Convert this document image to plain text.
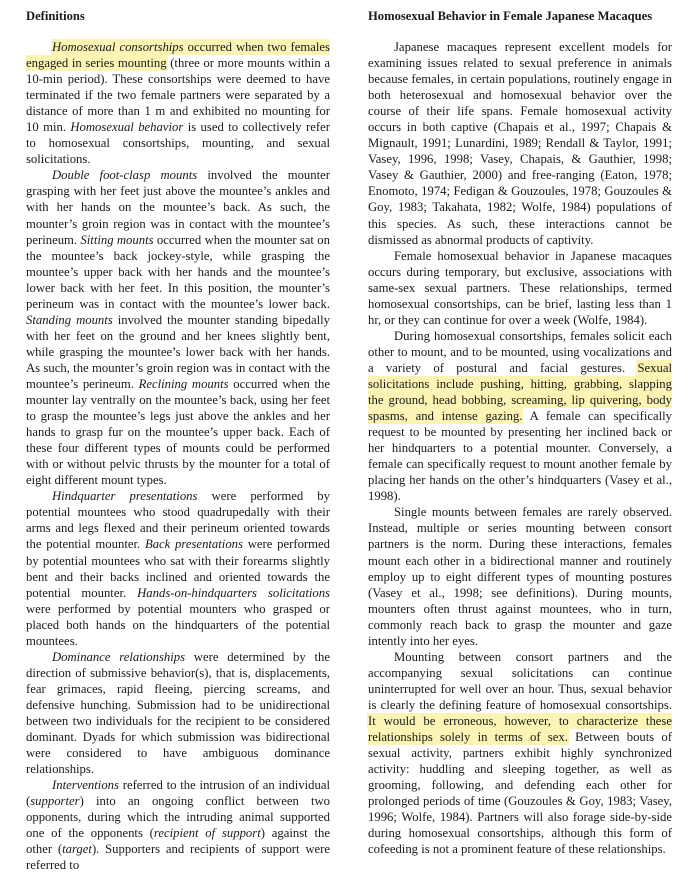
Definitions

Homosexual consortships occurred when two females engaged in series mounting (three or more mounts within a 10-min period). These consortships were deemed to have terminated if the two female partners were separated by a distance of more than 1 m and exhibited no mounting for 10 min. Homosexual behavior is used to collectively refer to homosexual consortships, mounting, and sexual solicitations.

Double foot-clasp mounts involved the mounter grasping with her feet just above the mountee’s ankles and with her hands on the mountee’s back. As such, the mounter’s groin region was in contact with the mountee’s perineum. Sitting mounts occurred when the mounter sat on the mountee’s back jockey-style, while grasping the mountee’s upper back with her hands and the mountee’s lower back with her feet. In this position, the mounter’s perineum was in contact with the mountee’s lower back. Standing mounts involved the mounter standing bipedally with her feet on the ground and her knees slightly bent, while grasping the mountee’s lower back with her hands. As such, the mounter’s groin region was in contact with the mountee’s perineum. Reclining mounts occurred when the mounter lay ventrally on the mountee’s back, using her feet to grasp the mountee’s legs just above the ankles and her hands to grasp fur on the mountee’s upper back. Each of these four different types of mounts could be performed with or without pelvic thrusts by the mounter for a total of eight different mount types.

Hindquarter presentations were performed by potential mountees who stood quadrupedally with their arms and legs flexed and their perineum oriented towards the potential mounter. Back presentations were performed by potential mountees who sat with their forearms slightly bent and their backs inclined and oriented towards the potential mounter. Hands-on-hindquarters solicitations were performed by potential mounters who grasped or placed both hands on the hindquarters of the potential mountees.

Dominance relationships were determined by the direction of submissive behavior(s), that is, displacements, fear grimaces, rapid fleeing, piercing screams, and defensive hunching. Submission had to be unidirectional between two individuals for the recipient to be considered dominant. Dyads for which submission was bidirectional were considered to have ambiguous dominance relationships.

Interventions referred to the intrusion of an individual (supporter) into an ongoing conflict between two opponents, during which the intruding animal supported one of the opponents (recipient of support) against the other (target). Supporters and recipients of support were referred to

Homosexual Behavior in Female Japanese Macaques

Japanese macaques represent excellent models for examining issues related to sexual preference in animals because females, in certain populations, routinely engage in both heterosexual and homosexual behavior over the course of their life spans. Female homosexual activity occurs in both captive (Chapais et al., 1997; Chapais & Mignault, 1991; Lunardini, 1989; Rendall & Taylor, 1991; Vasey, 1996, 1998; Vasey, Chapais, & Gauthier, 1998; Vasey & Gauthier, 2000) and free-ranging (Eaton, 1978; Enomoto, 1974; Fedigan & Gouzoules, 1978; Gouzoules & Goy, 1983; Takahata, 1982; Wolfe, 1984) populations of this species. As such, these interactions cannot be dismissed as abnormal products of captivity.

Female homosexual behavior in Japanese macaques occurs during temporary, but exclusive, associations with same-sex sexual partners. These relationships, termed homosexual consortships, can be brief, lasting less than 1 hr, or they can continue for over a week (Wolfe, 1984).

During homosexual consortships, females solicit each other to mount, and to be mounted, using vocalizations and a variety of postural and facial gestures. Sexual solicitations include pushing, hitting, grabbing, slapping the ground, head bobbing, screaming, lip quivering, body spasms, and intense gazing. A female can specifically request to be mounted by presenting her inclined back or her hindquarters to a potential mounter. Conversely, a female can specifically request to mount another female by placing her hands on the other’s hindquarters (Vasey et al., 1998).

Single mounts between females are rarely observed. Instead, multiple or series mounting between consort partners is the norm. During these interactions, females mount each other in a bidirectional manner and routinely employ up to eight different types of mounting postures (Vasey et al., 1998; see definitions). During mounts, mounters often thrust against mountees, who in turn, commonly reach back to grasp the mounter and gaze intently into her eyes.

Mounting between consort partners and the accompanying sexual solicitations can continue uninterrupted for well over an hour. Thus, sexual behavior is clearly the defining feature of homosexual consortships. It would be erroneous, however, to characterize these relationships solely in terms of sex. Between bouts of sexual activity, partners exhibit highly synchronized activity: huddling and sleeping together, as well as grooming, following, and defending each other for prolonged periods of time (Gouzoules & Goy, 1983; Vasey, 1996; Wolfe, 1984). Partners will also forage side-by-side during homosexual consortships, although this form of cofeeding is not a prominent feature of these relationships.
